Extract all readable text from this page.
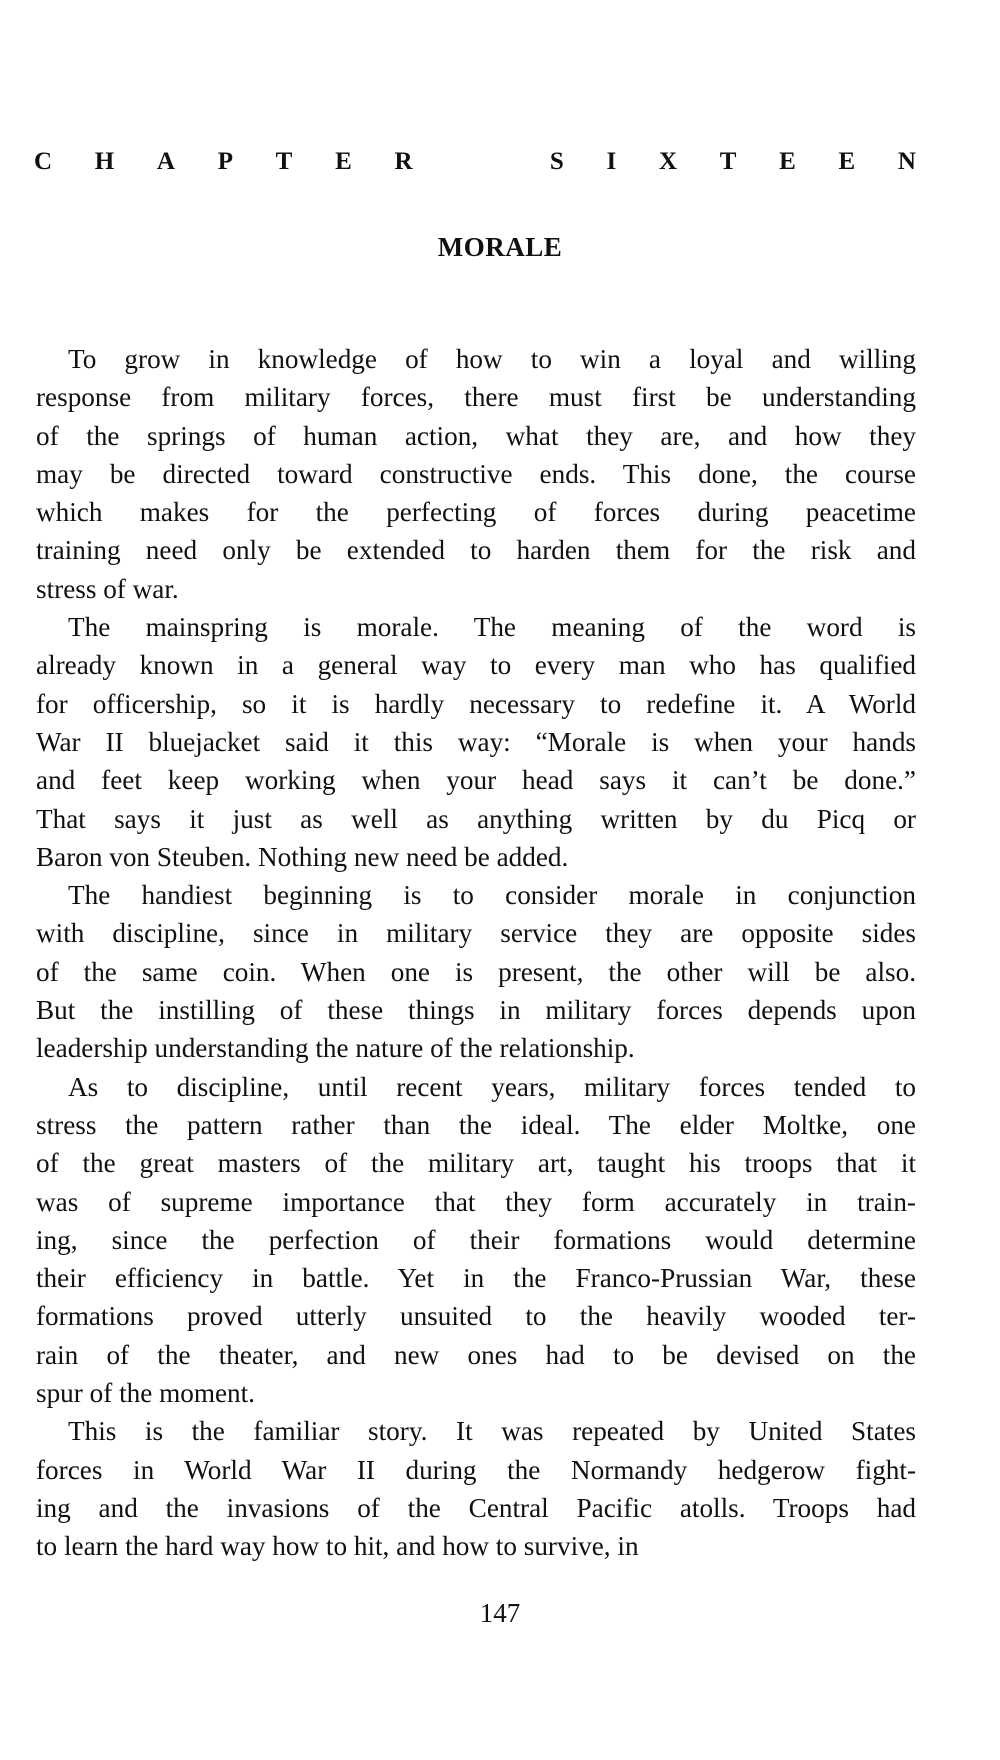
C H A P T E R	S I X T E E N
MORALE
To grow in knowledge of how to win a loyal and willing
response from military forces, there must first be understanding
of the springs of human action, what they are, and how they
may be directed toward constructive ends. This done, the course
which makes for the perfecting of forces during peacetime
training need only be extended to harden them for the risk and
stress of war.
The mainspring is morale. The meaning of the word is
already known in a general way to every man who has qualified
for officership, so it is hardly necessary to redefine it. A World
War II bluejacket said it this way: “Morale is when your hands
and feet keep working when your head says it can’t be done.”
That says it just as well as anything written by du Picq or
Baron von Steuben. Nothing new need be added.
The handiest beginning is to consider morale in conjunction
with discipline, since in military service they are opposite sides
of the same coin. When one is present, the other will be also.
But the instilling of these things in military forces depends upon
leadership understanding the nature of the relationship.
As to discipline, until recent years, military forces tended to
stress the pattern rather than the ideal. The elder Moltke, one
of the great masters of the military art, taught his troops that it
was of supreme importance that they form accurately in train-
ing, since the perfection of their formations would determine
their efficiency in battle. Yet in the Franco-Prussian War, these
formations proved utterly unsuited to the heavily wooded ter-
rain of the theater, and new ones had to be devised on the
spur of the moment.
This is the familiar story. It was repeated by United States
forces in World War II during the Normandy hedgerow fight-
ing and the invasions of the Central Pacific atolls. Troops had
to learn the hard way how to hit, and how to survive, in
147
